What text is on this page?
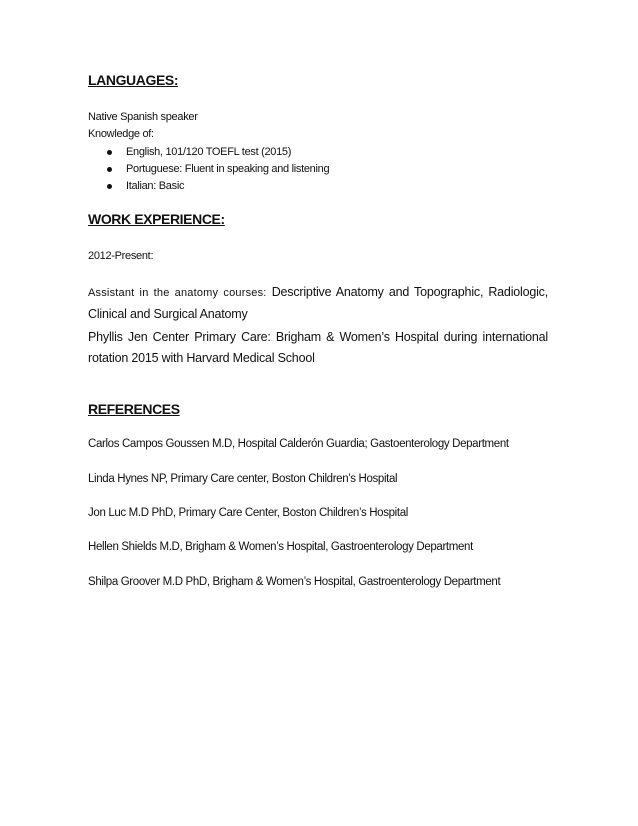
LANGUAGES:
Native Spanish speaker
Knowledge of:
English, 101/120 TOEFL test (2015)
Portuguese: Fluent in speaking and listening
Italian: Basic
WORK EXPERIENCE:
2012-Present:
Assistant in the anatomy courses: Descriptive Anatomy and Topographic, Radiologic, Clinical and Surgical Anatomy
Phyllis Jen Center Primary Care: Brigham & Women’s Hospital during international rotation 2015 with Harvard Medical School
REFERENCES
Carlos Campos Goussen M.D, Hospital Calderón Guardia; Gastoenterology Department
Linda Hynes NP, Primary Care center, Boston Children’s Hospital
Jon Luc M.D PhD, Primary Care Center, Boston Children’s Hospital
Hellen Shields M.D, Brigham & Women’s Hospital, Gastroenterology Department
Shilpa Groover M.D PhD, Brigham & Women’s Hospital, Gastroenterology Department
